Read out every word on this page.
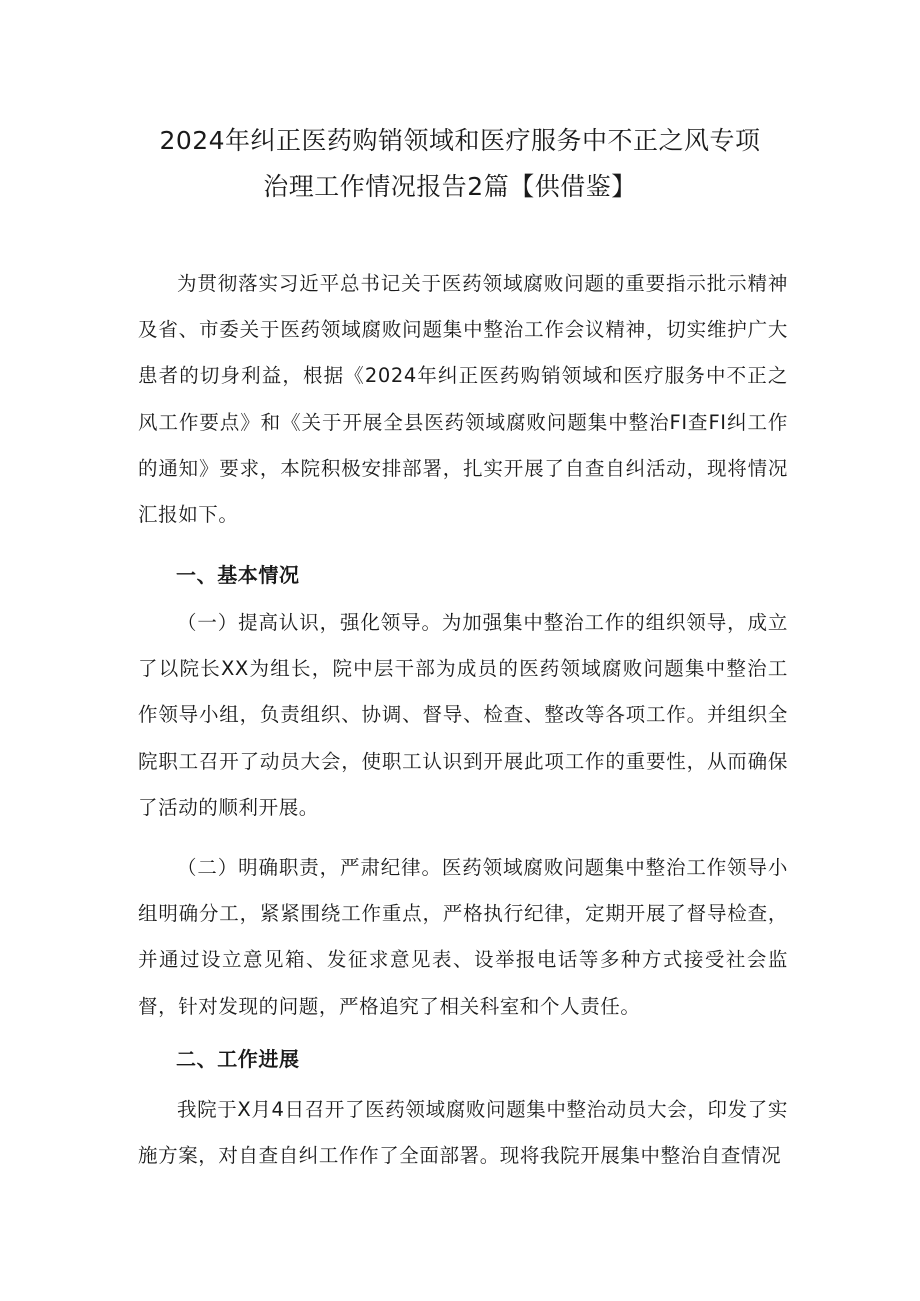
2024年纠正医药购销领域和医疗服务中不正之风专项
治理工作情况报告2篇【供借鉴】

为贯彻落实习近平总书记关于医药领域腐败问题的重要指示批示精神及省、市委关于医药领域腐败问题集中整治工作会议精神，切实维护广大患者的切身利益，根据《2024年纠正医药购销领域和医疗服务中不正之风工作要点》和《关于开展全县医药领域腐败问题集中整治FI查FI纠工作的通知》要求，本院积极安排部署，扎实开展了自查自纠活动，现将情况汇报如下。

一、基本情况

（一）提高认识，强化领导。为加强集中整治工作的组织领导，成立了以院长XX为组长，院中层干部为成员的医药领域腐败问题集中整治工作领导小组，负责组织、协调、督导、检查、整改等各项工作。并组织全院职工召开了动员大会，使职工认识到开展此项工作的重要性，从而确保了活动的顺利开展。

（二）明确职责，严肃纪律。医药领域腐败问题集中整治工作领导小组明确分工，紧紧围绕工作重点，严格执行纪律，定期开展了督导检查，并通过设立意见箱、发征求意见表、设举报电话等多种方式接受社会监督，针对发现的问题，严格追究了相关科室和个人责任。

二、工作进展

我院于X月4日召开了医药领域腐败问题集中整治动员大会，印发了实施方案，对自查自纠工作作了全面部署。现将我院开展集中整治自查情况
